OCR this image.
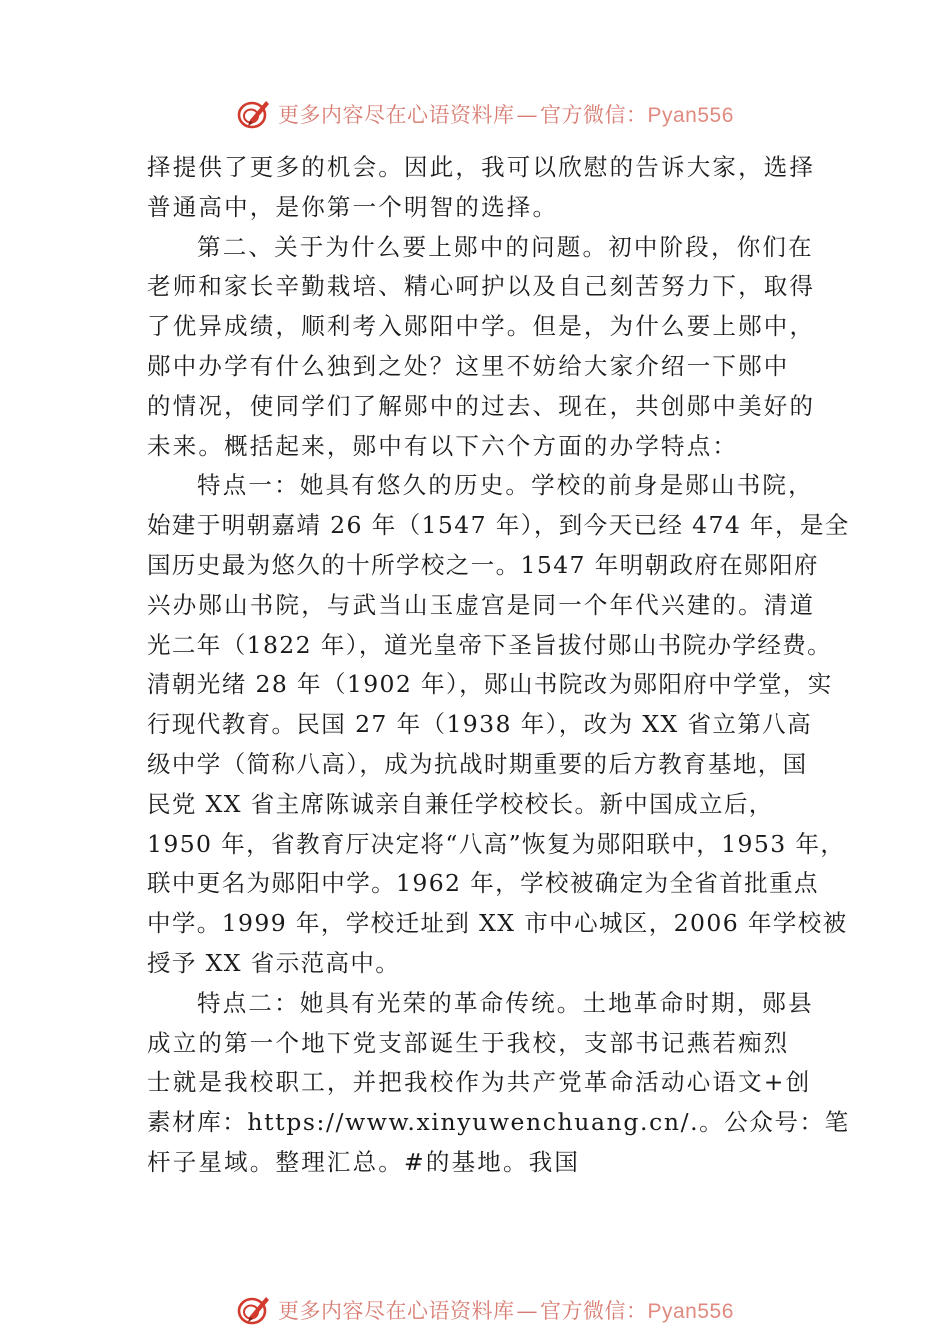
更多内容尽在心语资料库—官方微信：Pyan556
择提供了更多的机会。因此，我可以欣慰的告诉大家，选择
普通高中，是你第一个明智的选择。
第二、关于为什么要上郧中的问题。初中阶段，你们在
老师和家长辛勤栽培、精心呵护以及自己刻苦努力下，取得
了优异成绩，顺利考入郧阳中学。但是，为什么要上郧中，
郧中办学有什么独到之处？这里不妨给大家介绍一下郧中
的情况，使同学们了解郧中的过去、现在，共创郧中美好的
未来。概括起来，郧中有以下六个方面的办学特点：
特点一：她具有悠久的历史。学校的前身是郧山书院，
始建于明朝嘉靖 26 年（1547 年），到今天已经 474 年，是全
国历史最为悠久的十所学校之一。1547 年明朝政府在郧阳府
兴办郧山书院，与武当山玉虚宫是同一个年代兴建的。清道
光二年（1822 年），道光皇帝下圣旨拔付郧山书院办学经费。
清朝光绪 28 年（1902 年），郧山书院改为郧阳府中学堂，实
行现代教育。民国 27 年（1938 年），改为 XX 省立第八高
级中学（简称八高），成为抗战时期重要的后方教育基地，国
民党 XX 省主席陈诚亲自兼任学校校长。新中国成立后，
1950 年，省教育厅决定将“八高”恢复为郧阳联中，1953 年，
联中更名为郧阳中学。1962 年，学校被确定为全省首批重点
中学。1999 年，学校迁址到 XX 市中心城区，2006 年学校被
授予 XX 省示范高中。
特点二：她具有光荣的革命传统。土地革命时期，郧县
成立的第一个地下党支部诞生于我校，支部书记燕若痴烈
士就是我校职工，并把我校作为共产党革命活动心语文+创
素材库：https://www.xinyuwenchuang.cn/.。公众号：笔
杆子星域。整理汇总。#的基地。我国
更多内容尽在心语资料库—官方微信：Pyan556
